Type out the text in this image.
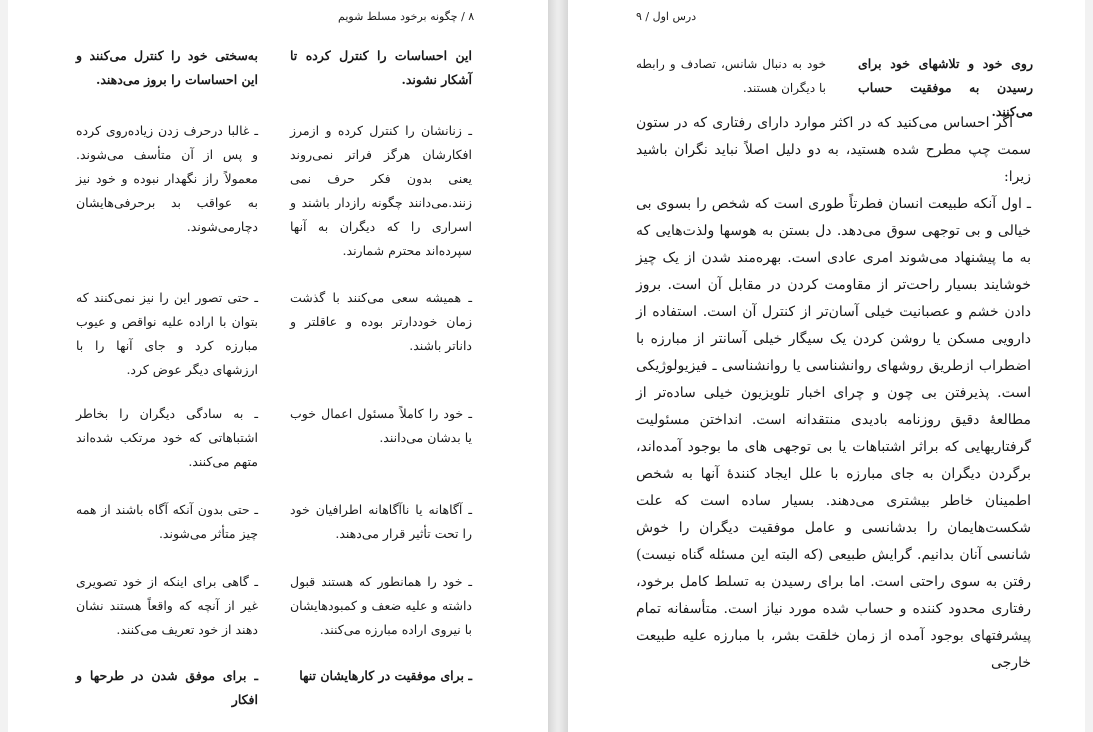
۸ / چگونه برخود مسلط شویم
این احساسات را کنترل کرده تا آشکار نشوند.
ـ زنانشان را کنترل کرده و ازمرز افکارشان هرگز فراتر نمی‌روند یعنی بدون فکر حرف نمی زنند.می‌دانند چگونه رازدار باشند و اسراری را که دیگران به آنها سپرده‌اند محترم شمارند.
ـ همیشه سعی می‌کنند با گذشت زمان خوددارتر بوده و عاقلتر و داناتر باشند.
ـ خود را کاملاً مسئول اعمال خوب یا بدشان می‌دانند.
ـ آگاهانه یا ناآگاهانه اطرافیان خود را تحت تأثیر قرار می‌دهند.
ـ خود را همانطور که هستند قبول داشته و علیه ضعف و کمبودهایشان با نیروی اراده مبارزه می‌کنند.
ـ برای موفقیت در کارهایشان تنها
به‌سختی خود را کنترل می‌کنند و این احساسات را بروز می‌دهند.
ـ غالبا درحرف زدن زیاده‌روی کرده و پس از آن متأسف می‌شوند. معمولاً راز نگهدار نبوده و خود نیز به عواقب بد برحرفی‌هایشان دچارمی‌شوند.
ـ حتی تصور این را نیز نمی‌کنند که بتوان با اراده علیه نواقص و عیوب مبارزه کرد و جای آنها را با ارزشهای دیگر عوض کرد.
ـ به سادگی دیگران را بخاطر اشتباهاتی که خود مرتکب شده‌اند متهم می‌کنند.
ـ حتی بدون آنکه آگاه باشند از همه چیز متأثر می‌شوند.
ـ گاهی برای اینکه از خود تصویری غیر از آنچه که واقعاً هستند نشان دهند از خود تعریف می‌کنند.
ـ برای موفق شدن در طرحها و افکار
درس اول / ۹
روی خود و تلاشهای خود برای رسیدن به موفقیت حساب می‌کنند.
خود به دنبال شانس، تصادف و رابطه با دیگران هستند.

اگر احساس می‌کنید که در اکثر موارد دارای رفتاری که در ستون سمت چپ مطرح شده هستید، به دو دلیل اصلاً نباید نگران باشید زیرا:

ـ اول آنکه طبیعت انسان فطرتاً طوری است که شخص را بسوی بی خیالی و بی توجهی سوق می‌دهد. دل بستن به هوسها ولذت‌هایی که به ما پیشنهاد می‌شوند امری عادی است. بهره‌مند شدن از یک چیز خوشایند بسیار راحت‌تر از مقاومت کردن در مقابل آن است. بروز دادن خشم و عصبانیت خیلی آسان‌تر از کنترل آن است. استفاده از دارویی مسکن یا روشن کردن یک سیگار خیلی آسانتر از مبارزه با اضطراب ازطریق روشهای روانشناسی یا روانشناسی ـ فیزیولوژیکی است. پذیرفتن بی چون و چرای اخبار تلویزیون خیلی ساده‌تر از مطالعهٔ دقیق روزنامه بادیدی منتقدانه است. انداختن مسئولیت گرفتاریهایی که براثر اشتباهات یا بی توجهی های ما بوجود آمده‌اند، برگردن دیگران به جای مبارزه با علل ایجاد کنندهٔ آنها به شخص اطمینان خاطر بیشتری می‌دهند. بسیار ساده است که علت شکست‌هایمان را بدشانسی و عامل موفقیت دیگران را خوش شانسی آنان بدانیم. گرایش طبیعی (که البته این مسئله گناه نیست) رفتن به سوی راحتی است. اما برای رسیدن به تسلط کامل برخود، رفتاری محدود کننده و حساب شده مورد نیاز است. متأسفانه تمام پیشرفتهای بوجود آمده از زمان خلقت بشر، با مبارزه علیه طبیعت خارجی
